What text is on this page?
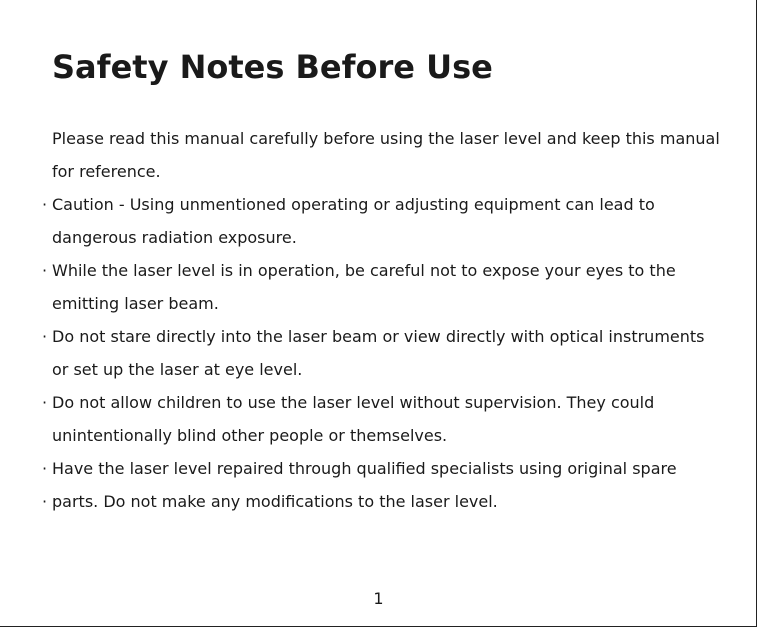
Safety Notes Before Use
Please read this manual carefully before using the laser level and keep this manual
for reference.
· Caution - Using unmentioned operating or adjusting equipment can lead to
dangerous radiation exposure.
· While the laser level is in operation, be careful not to expose your eyes to the
emitting laser beam.
· Do not stare directly into the laser beam or view directly with optical instruments
or set up the laser at eye level.
· Do not allow children to use the laser level without supervision. They could
unintentionally blind other people or themselves.
· Have the laser level repaired through qualified specialists using original spare
· parts. Do not make any modifications to the laser level.
1
